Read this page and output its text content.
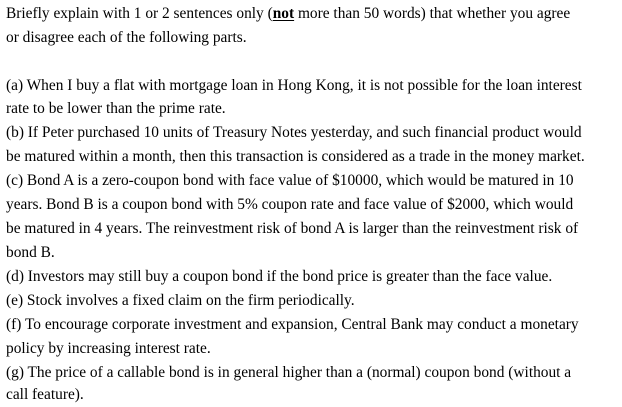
Briefly explain with 1 or 2 sentences only (not more than 50 words) that whether you agree
or disagree each of the following parts.
(a) When I buy a flat with mortgage loan in Hong Kong, it is not possible for the loan interest
rate to be lower than the prime rate.
(b) If Peter purchased 10 units of Treasury Notes yesterday, and such financial product would
be matured within a month, then this transaction is considered as a trade in the money market.
(c) Bond A is a zero-coupon bond with face value of $10000, which would be matured in 10
years. Bond B is a coupon bond with 5% coupon rate and face value of $2000, which would
be matured in 4 years. The reinvestment risk of bond A is larger than the reinvestment risk of
bond B.
(d) Investors may still buy a coupon bond if the bond price is greater than the face value.
(e) Stock involves a fixed claim on the firm periodically.
(f) To encourage corporate investment and expansion, Central Bank may conduct a monetary
policy by increasing interest rate.
(g) The price of a callable bond is in general higher than a (normal) coupon bond (without a
call feature).
